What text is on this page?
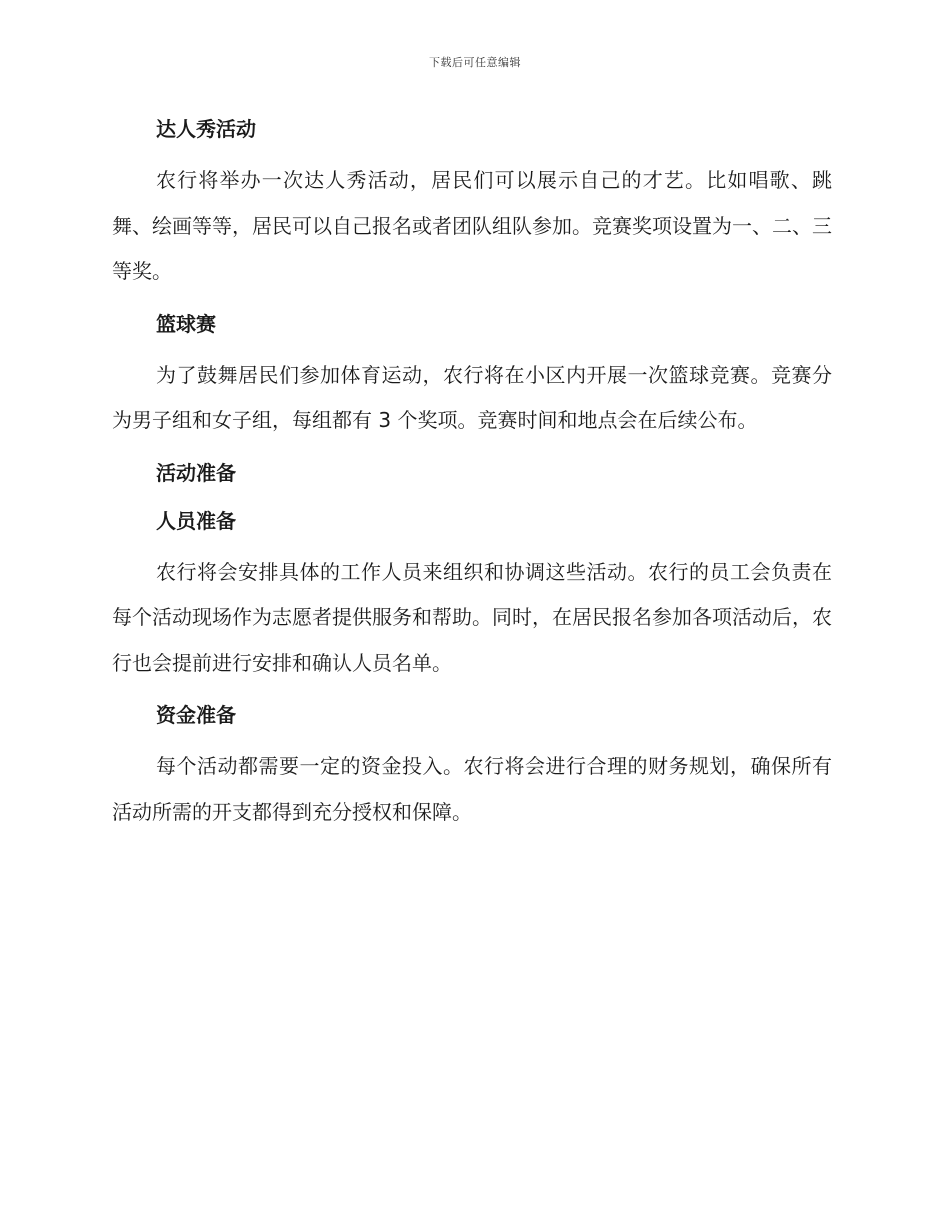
下载后可任意编辑
达人秀活动
农行将举办一次达人秀活动，居民们可以展示自己的才艺。比如唱歌、跳舞、绘画等等，居民可以自己报名或者团队组队参加。竞赛奖项设置为一、二、三等奖。
篮球赛
为了鼓舞居民们参加体育运动，农行将在小区内开展一次篮球竞赛。竞赛分为男子组和女子组，每组都有 3 个奖项。竞赛时间和地点会在后续公布。
活动准备
人员准备
农行将会安排具体的工作人员来组织和协调这些活动。农行的员工会负责在每个活动现场作为志愿者提供服务和帮助。同时，在居民报名参加各项活动后，农行也会提前进行安排和确认人员名单。
资金准备
每个活动都需要一定的资金投入。农行将会进行合理的财务规划，确保所有活动所需的开支都得到充分授权和保障。
